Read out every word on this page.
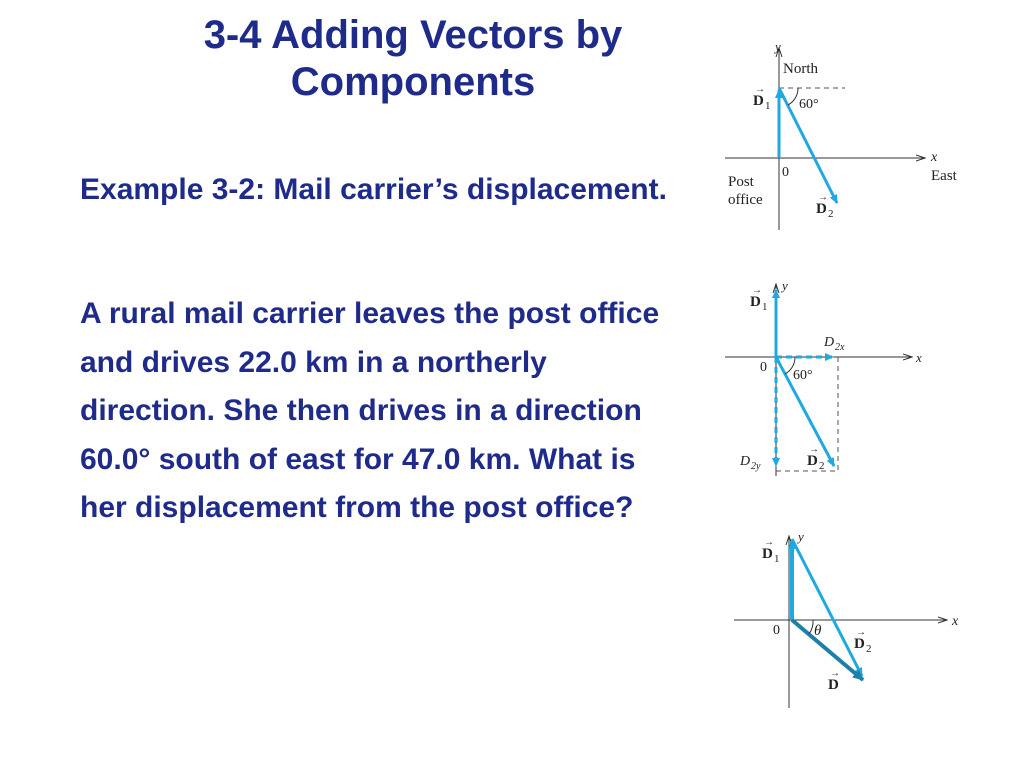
3-4 Adding Vectors by Components
Example 3-2: Mail carrier’s displacement.
A rural mail carrier leaves the post office and drives 22.0 km in a northerly direction. She then drives in a direction 60.0° south of east for 47.0 km. What is her displacement from the post office?
y
North
x
East
0
Post
office
60°
D 1
→
D 2
→
y
x
0
60°
D 1
→
D 2x
D 2y	D 2
→
y
x
0 θ
D 1
→
D 2
→
D
→
